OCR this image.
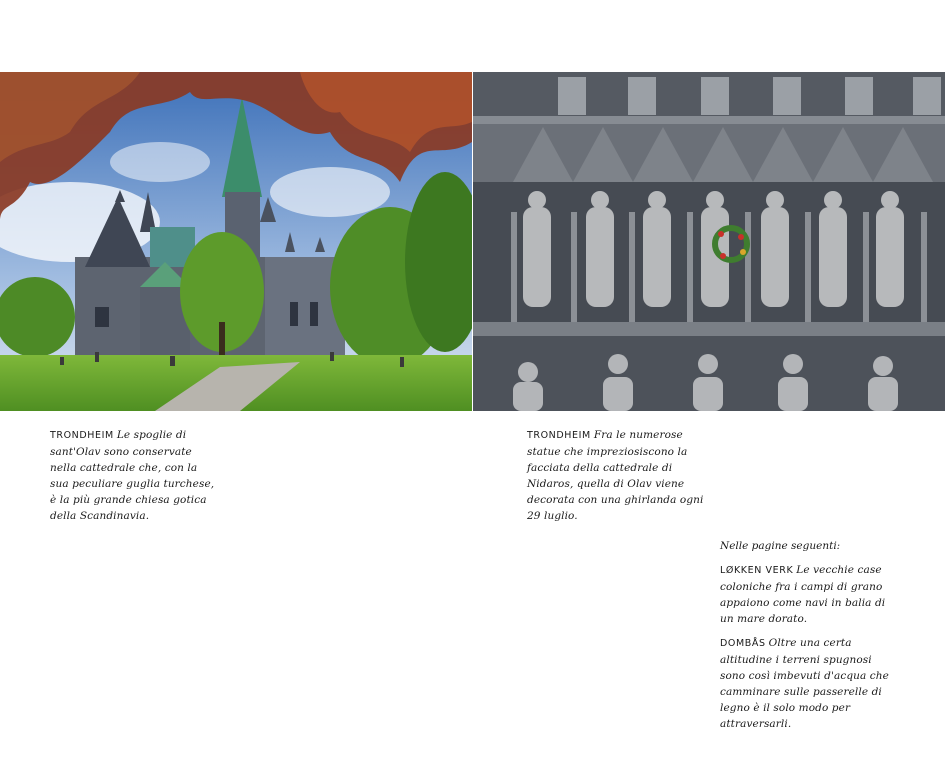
TRONDHEIM Le spoglie di sant'Olav sono conservate nella cattedrale che, con la sua peculiare guglia turchese, è la più grande chiesa gotica della Scandinavia.
TRONDHEIM Fra le numerose statue che impreziosiscono la facciata della cattedrale di Nidaros, quella di Olav viene decorata con una ghirlanda ogni 29 luglio.
Nelle pagine seguenti:
LØKKEN VERK Le vecchie case coloniche fra i campi di grano appaiono come navi in balia di un mare dorato.
DOMBÅS Oltre una certa altitudine i terreni spugnosi sono così imbevuti d'acqua che camminare sulle passerelle di legno è il solo modo per attraversarli.
